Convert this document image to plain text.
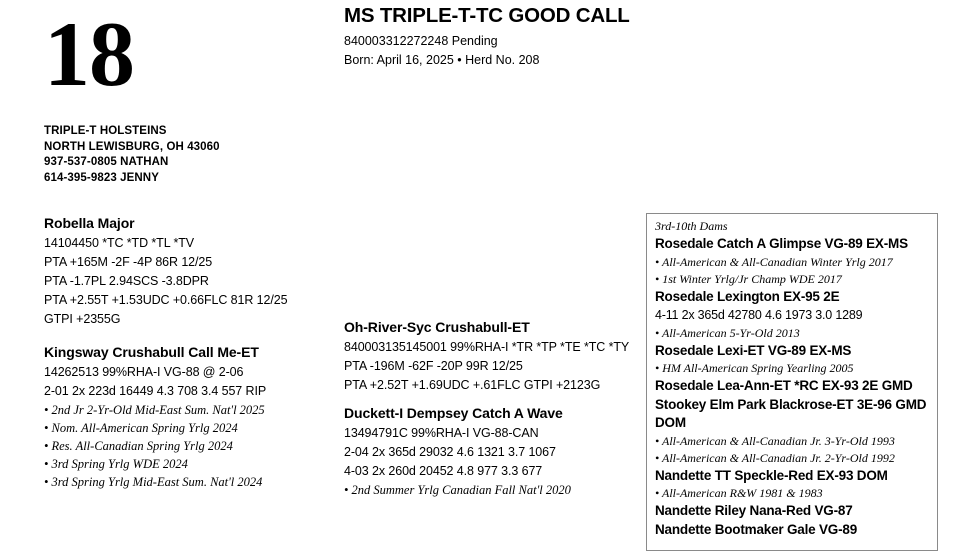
18
TRIPLE-T HOLSTEINS
NORTH LEWISBURG, OH 43060
937-537-0805 NATHAN
614-395-9823 JENNY
MS TRIPLE-T-TC GOOD CALL
840003312272248 Pending
Born: April 16, 2025 • Herd No. 208
Robella Major
14104450 *TC *TD *TL *TV
PTA +165M -2F -4P 86R 12/25
PTA -1.7PL 2.94SCS -3.8DPR
PTA +2.55T +1.53UDC +0.66FLC 81R 12/25
GTPI +2355G
Kingsway Crushabull Call Me-ET
14262513 99%RHA-I VG-88 @ 2-06
2-01 2x 223d 16449 4.3 708 3.4 557 RIP
• 2nd Jr 2-Yr-Old Mid-East Sum. Nat'l 2025
• Nom. All-American Spring Yrlg 2024
• Res. All-Canadian Spring Yrlg 2024
• 3rd Spring Yrlg WDE 2024
• 3rd Spring Yrlg Mid-East Sum. Nat'l 2024
Oh-River-Syc Crushabull-ET
840003135145001 99%RHA-I *TR *TP *TE *TC *TY
PTA -196M -62F -20P 99R 12/25
PTA +2.52T +1.69UDC +.61FLC GTPI +2123G
Duckett-I Dempsey Catch A Wave
13494791C 99%RHA-I VG-88-CAN
2-04 2x 365d 29032 4.6 1321 3.7 1067
4-03 2x 260d 20452 4.8 977 3.3 677
• 2nd Summer Yrlg Canadian Fall Nat'l 2020
3rd-10th Dams
Rosedale Catch A Glimpse VG-89 EX-MS
• All-American & All-Canadian Winter Yrlg 2017
• 1st Winter Yrlg/Jr Champ WDE 2017
Rosedale Lexington EX-95 2E
4-11 2x 365d 42780 4.6 1973 3.0 1289
• All-American 5-Yr-Old 2013
Rosedale Lexi-ET VG-89 EX-MS
• HM All-American Spring Yearling 2005
Rosedale Lea-Ann-ET *RC EX-93 2E GMD
Stookey Elm Park Blackrose-ET 3E-96 GMD DOM
• All-American & All-Canadian Jr. 3-Yr-Old 1993
• All-American & All-Canadian Jr. 2-Yr-Old 1992
Nandette TT Speckle-Red EX-93 DOM
• All-American R&W 1981 & 1983
Nandette Riley Nana-Red VG-87
Nandette Bootmaker Gale VG-89
